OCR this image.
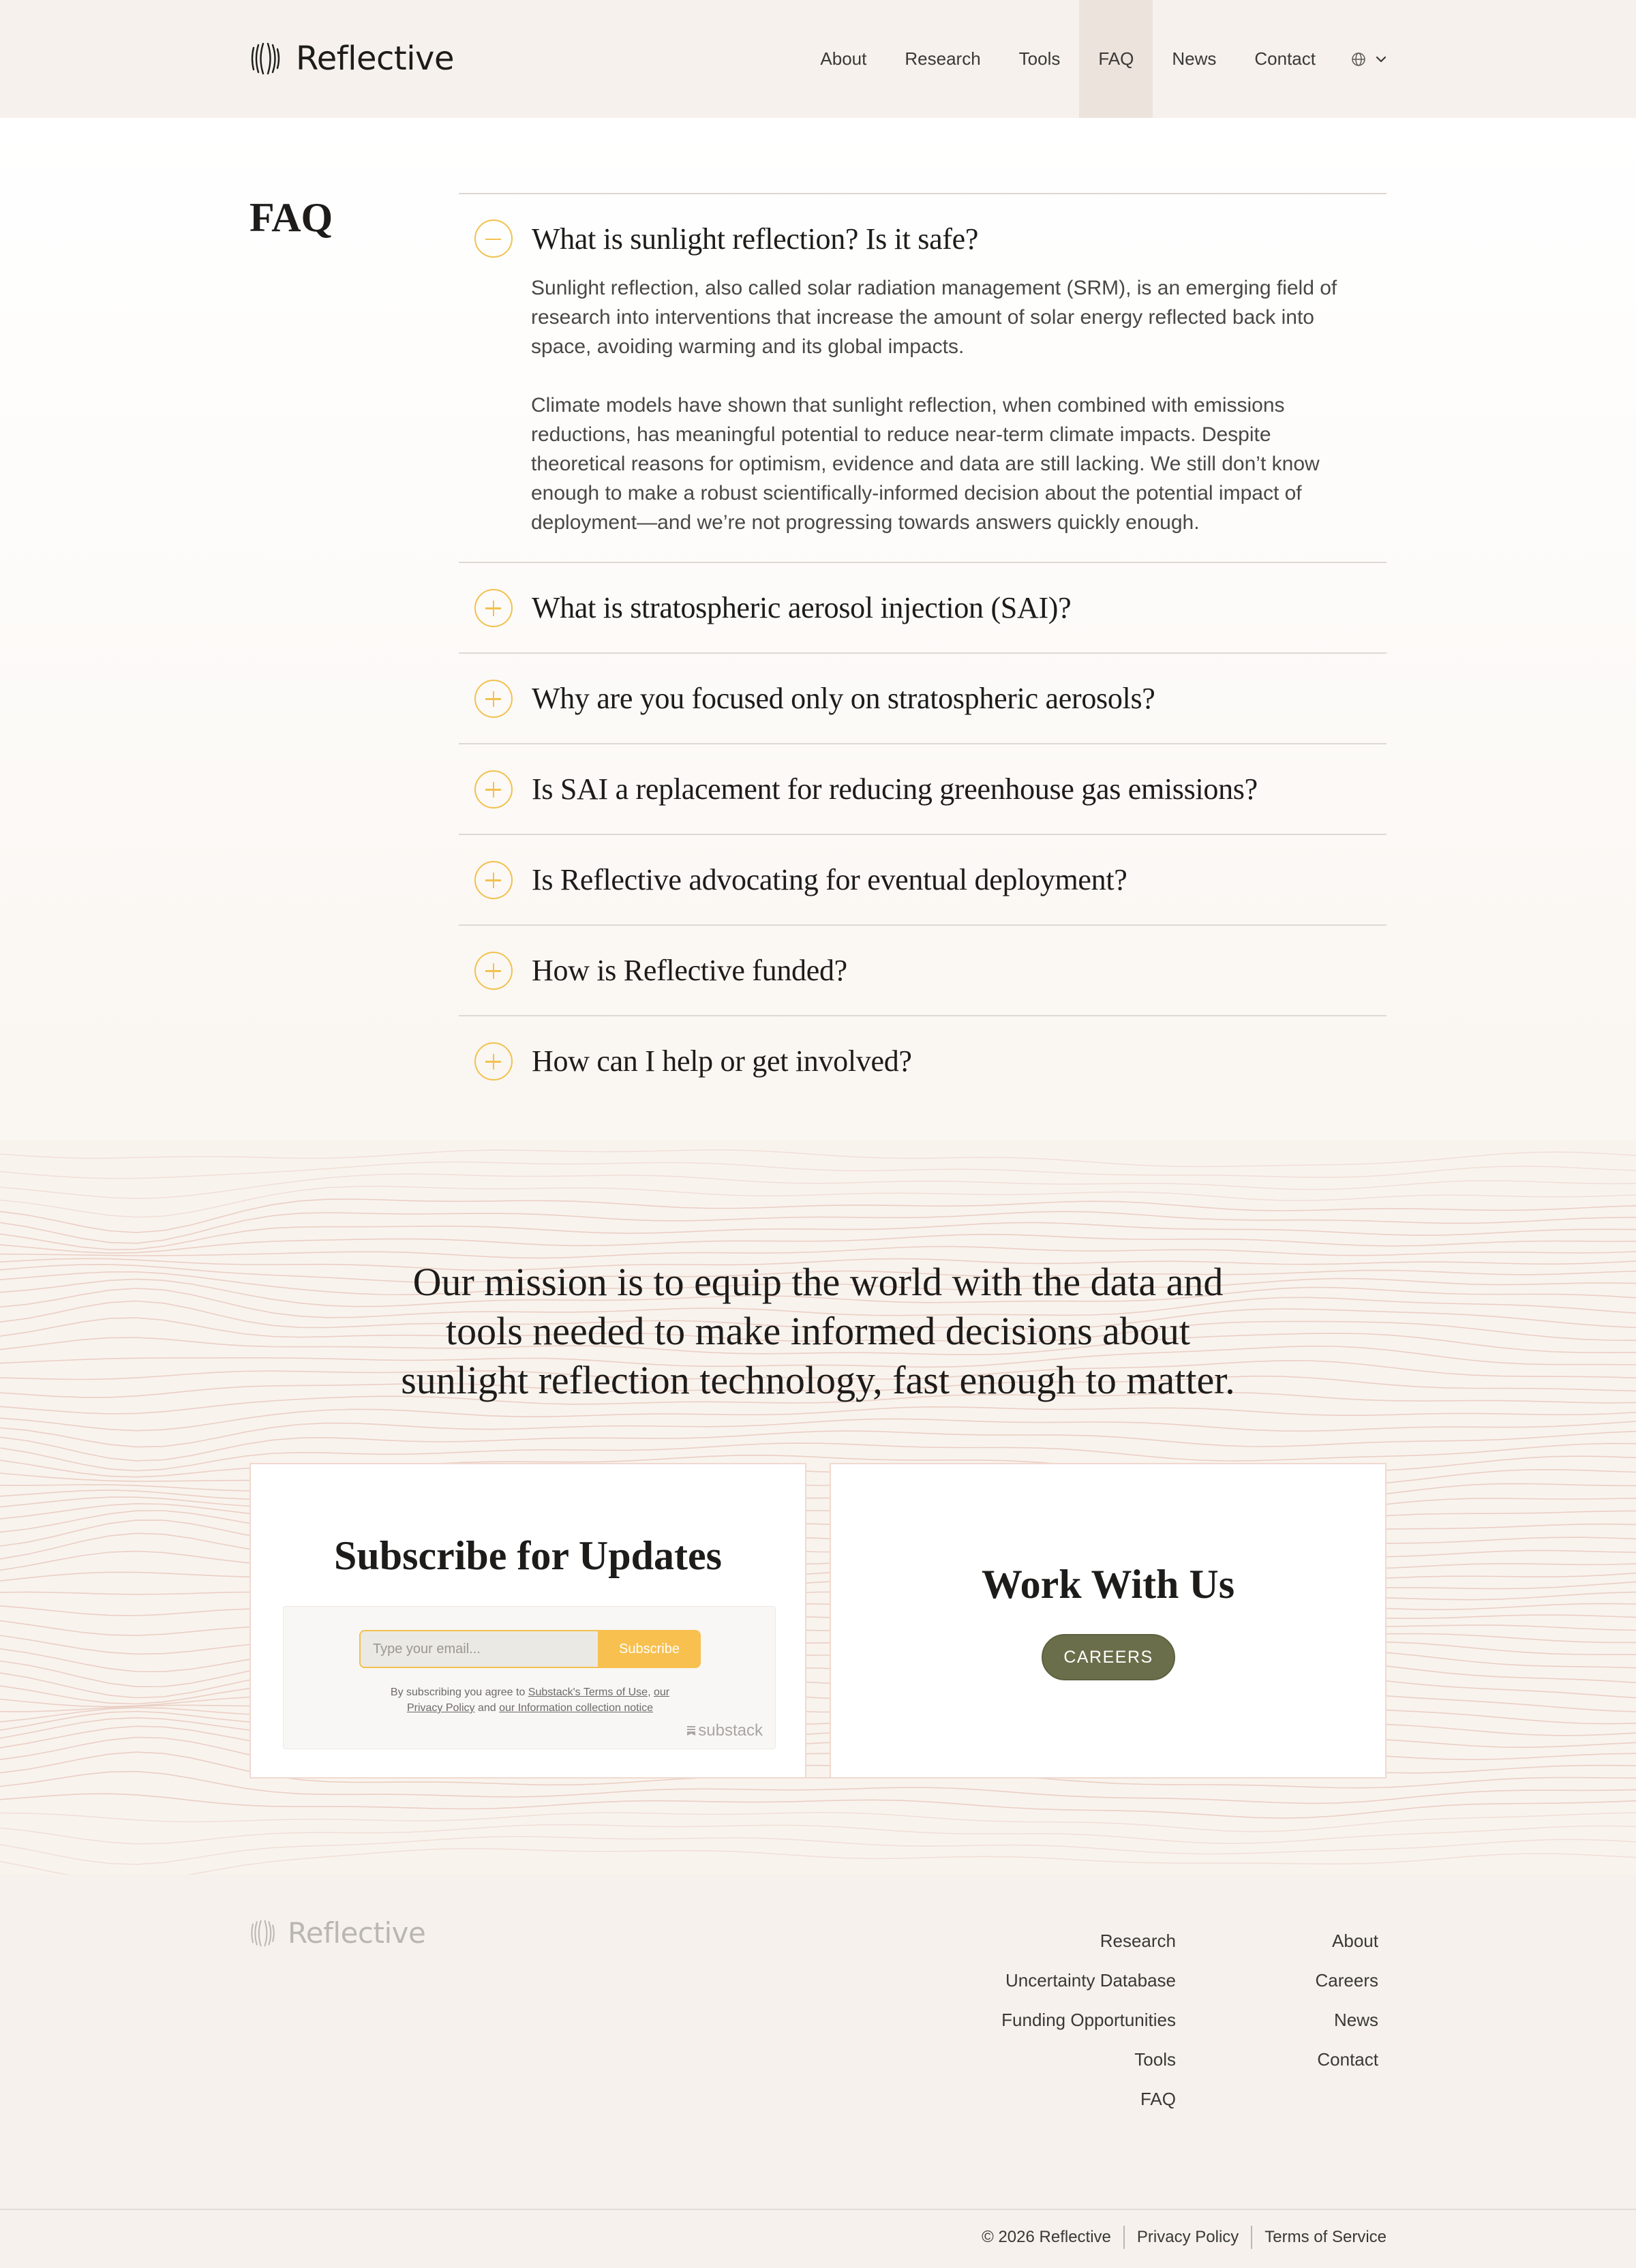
Reflective	About	Research	Tools	FAQ	News	Contact
FAQ	What is sunlight reflection? Is it safe?

Sunlight reflection, also called solar radiation management (SRM), is an emerging field of research into interventions that increase the amount of solar energy reflected back into space, avoiding warming and its global impacts.

Climate models have shown that sunlight reflection, when combined with emissions reductions, has meaningful potential to reduce near-term climate impacts. Despite theoretical reasons for optimism, evidence and data are still lacking. We still don’t know enough to make a robust scientifically-informed decision about the potential impact of deployment—and we’re not progressing towards answers quickly enough.

What is stratospheric aerosol injection (SAI)?
Why are you focused only on stratospheric aerosols?
Is SAI a replacement for reducing greenhouse gas emissions?
Is Reflective advocating for eventual deployment?
How is Reflective funded?
How can I help or get involved?
Our mission is to equip the world with the data and
tools needed to make informed decisions about
sunlight reflection technology, fast enough to matter.
Subscribe for Updates
Type your email...
Subscribe
By subscribing you agree to Substack's Terms of Use, our
Privacy Policy and our Information collection notice
substack
Work With Us
CAREERS
Reflective	Research
Uncertainty Database
Funding Opportunities
Tools
FAQ
About
Careers
News
Contact
© 2026 Reflective	Privacy Policy	Terms of Service
